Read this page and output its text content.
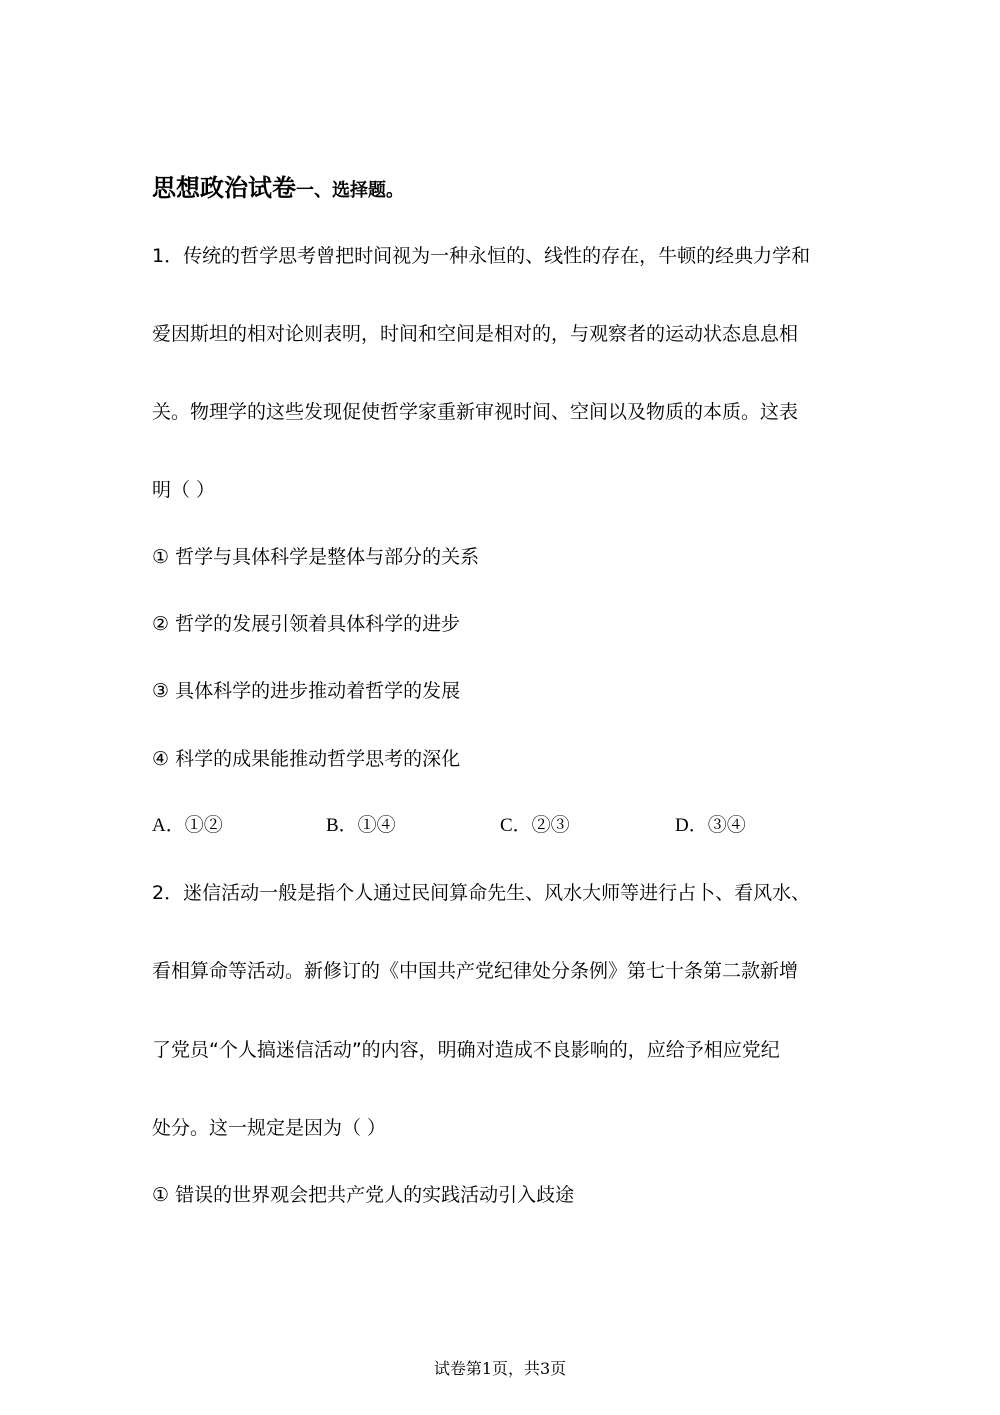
思想政治试卷一、选择题。
1．传统的哲学思考曾把时间视为一种永恒的、线性的存在，牛顿的经典力学和
爱因斯坦的相对论则表明，时间和空间是相对的，与观察者的运动状态息息相
关。物理学的这些发现促使哲学家重新审视时间、空间以及物质的本质。这表
明（ ）
① 哲学与具体科学是整体与部分的关系
② 哲学的发展引领着具体科学的进步
③ 具体科学的进步推动着哲学的发展
④ 科学的成果能推动哲学思考的深化
A．①②	B．①④	C．②③	D．③④
2．迷信活动一般是指个人通过民间算命先生、风水大师等进行占卜、看风水、
看相算命等活动。新修订的《中国共产党纪律处分条例》第七十条第二款新增
了党员“个人搞迷信活动”的内容，明确对造成不良影响的，应给予相应党纪
处分。这一规定是因为（ ）
① 错误的世界观会把共产党人的实践活动引入歧途
试卷第1页，共3页
